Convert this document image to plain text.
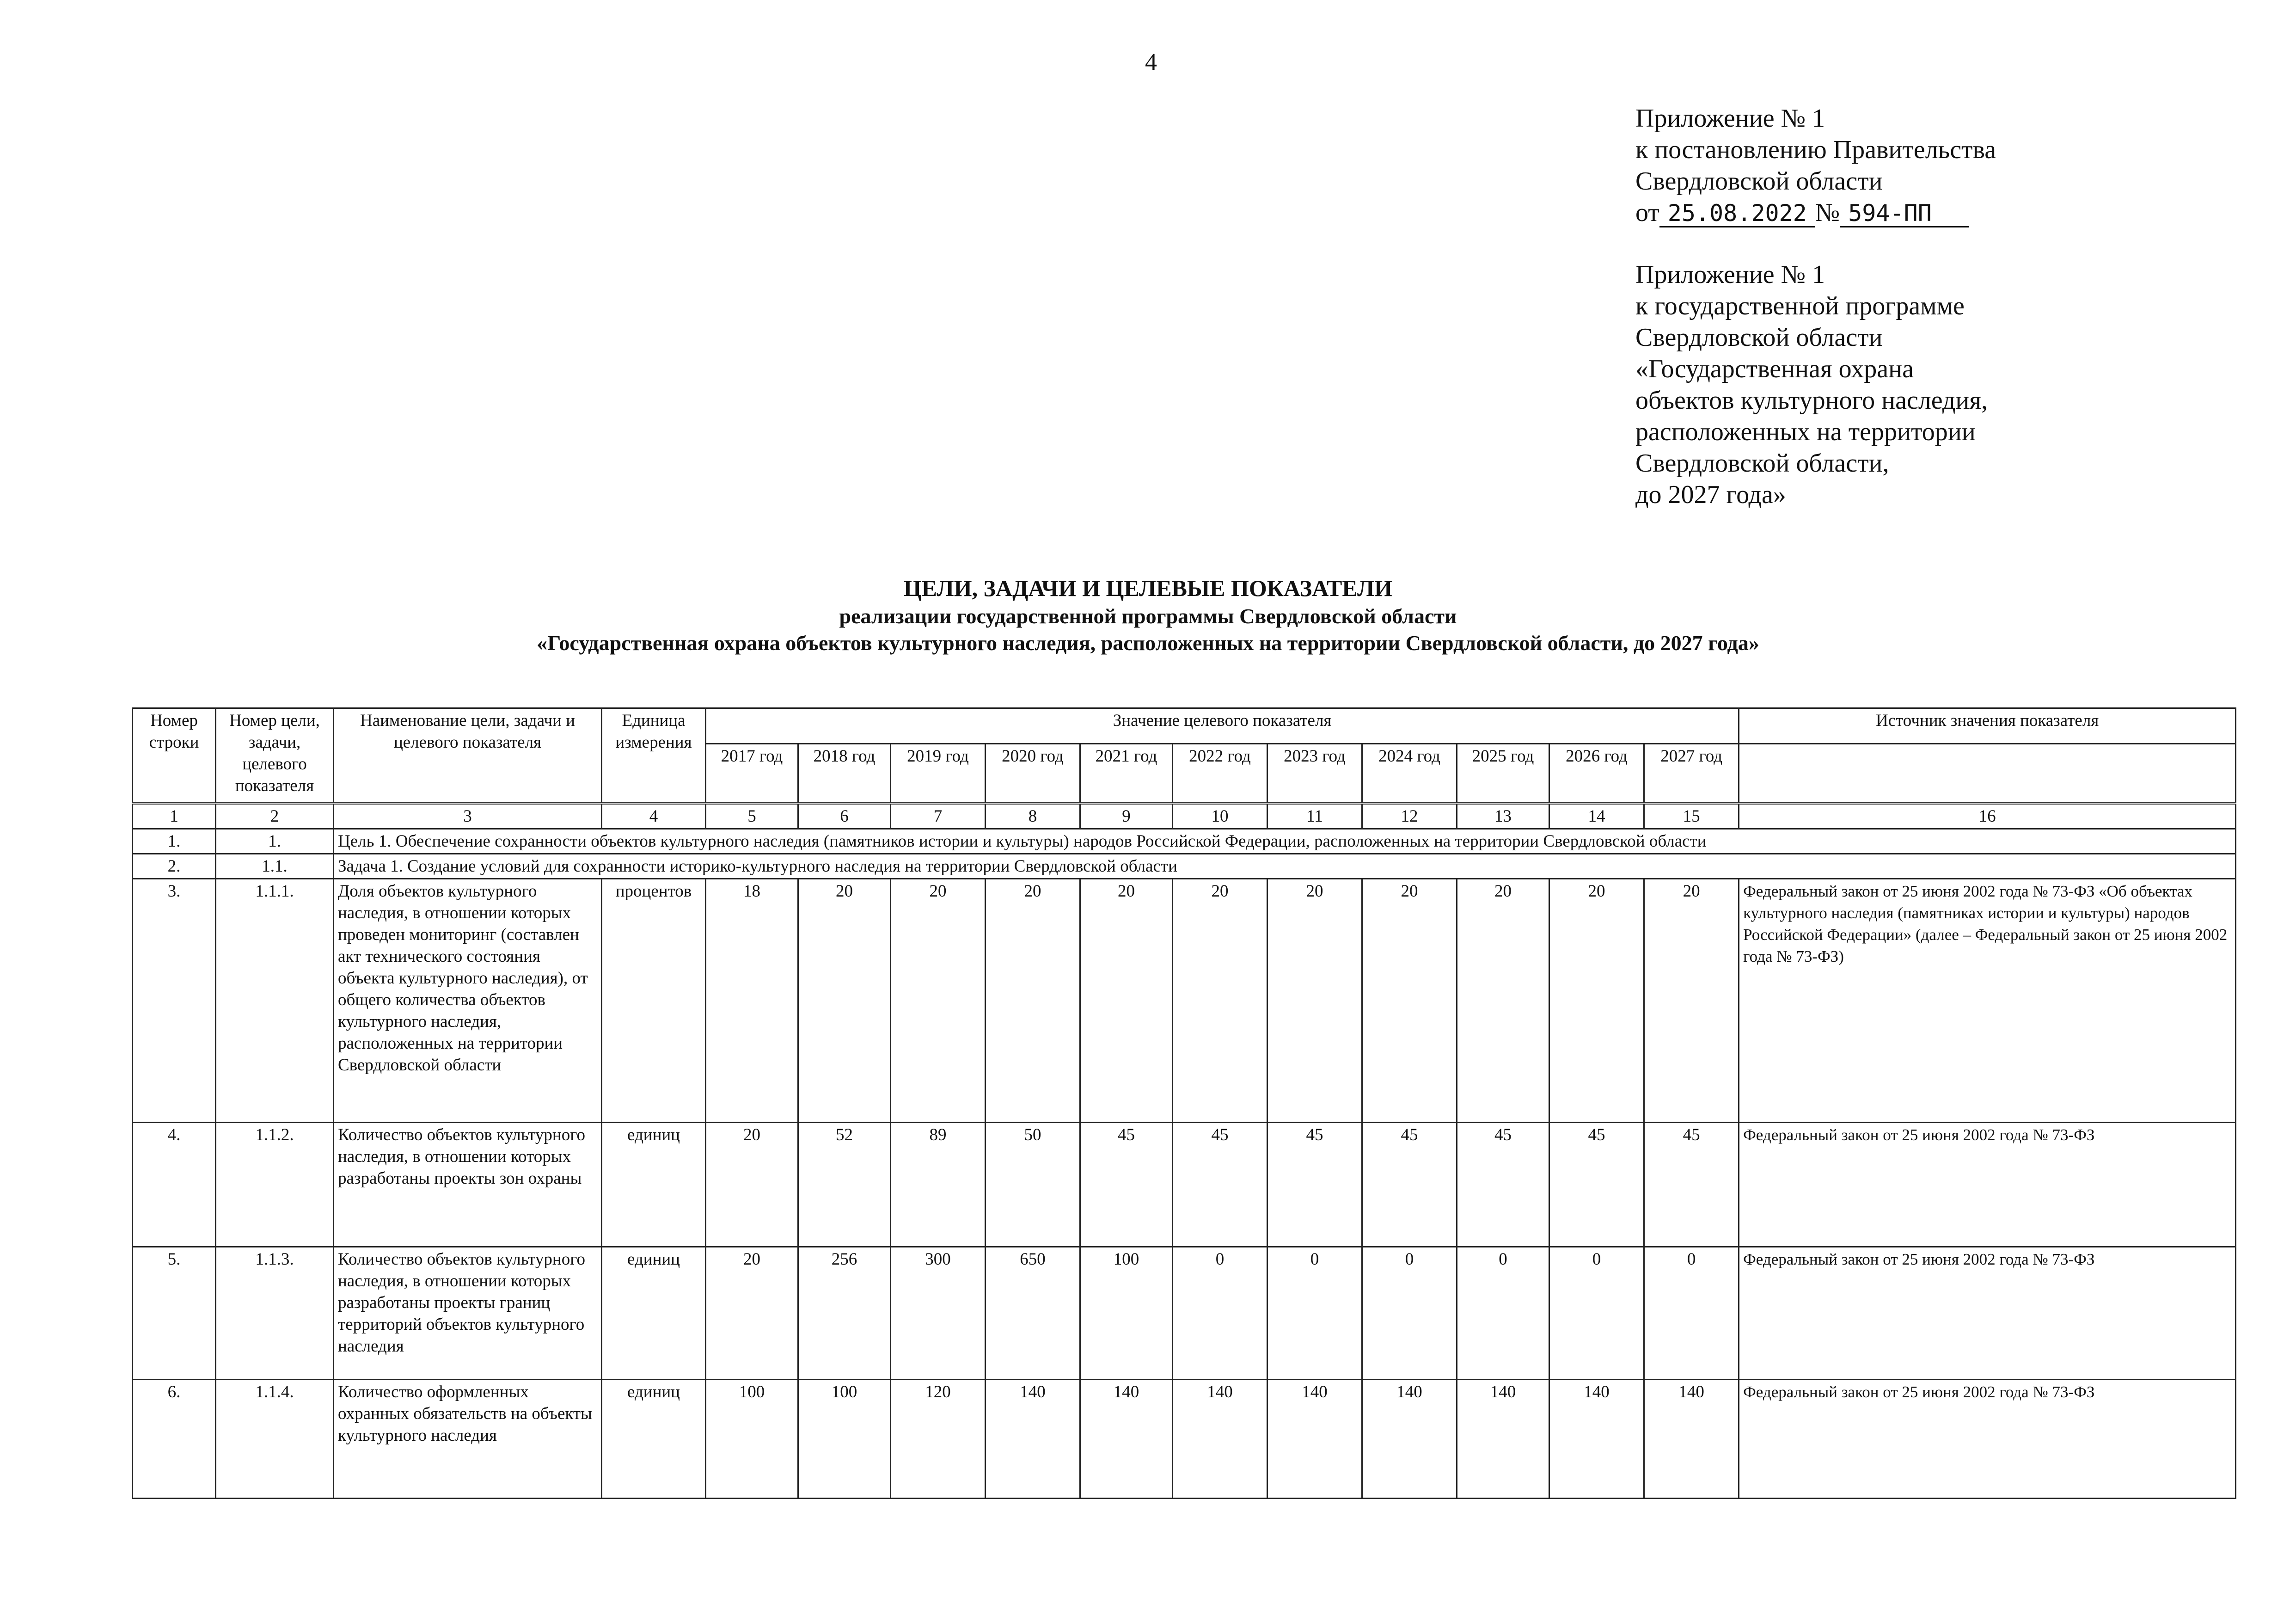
4
Приложение № 1
к постановлению Правительства
Свердловской области
от 25.08.2022 № 594-ПП
Приложение № 1
к государственной программе
Свердловской области
«Государственная охрана
объектов культурного наследия,
расположенных на территории
Свердловской области,
до 2027 года»
ЦЕЛИ, ЗАДАЧИ И ЦЕЛЕВЫЕ ПОКАЗАТЕЛИ
реализации государственной программы Свердловской области
«Государственная охрана объектов культурного наследия, расположенных на территории Свердловской области, до 2027 года»
Номер строки	Номер цели, задачи, целевого показателя	Наименование цели, задачи и целевого показателя	Единица измерения	Значение целевого показателя											Источник значения показателя
				2017 год	2018 год	2019 год	2020 год	2021 год	2022 год	2023 год	2024 год	2025 год	2026 год	2027 год	
1	2	3	4	5	6	7	8	9	10	11	12	13	14	15	16
1.	1.	Цель 1. Обеспечение сохранности объектов культурного наследия (памятников истории и культуры) народов Российской Федерации, расположенных на территории Свердловской области													
2.	1.1.	Задача 1. Создание условий для сохранности историко-культурного наследия на территории Свердловской области													
3.	1.1.1.	Доля объектов культурного наследия, в отношении которых проведен мониторинг (составлен акт технического состояния объекта культурного наследия), от общего количества объектов культурного наследия, расположенных на территории Свердловской области	процентов	18	20	20	20	20	20	20	20	20	20	20	Федеральный закон от 25 июня 2002 года № 73-ФЗ «Об объектах культурного наследия (памятниках истории и культуры) народов Российской Федерации» (далее – Федеральный закон от 25 июня 2002 года № 73-ФЗ)
4.	1.1.2.	Количество объектов культурного наследия, в отношении которых разработаны проекты зон охраны	единиц	20	52	89	50	45	45	45	45	45	45	45	Федеральный закон от 25 июня 2002 года № 73-ФЗ
5.	1.1.3.	Количество объектов культурного наследия, в отношении которых разработаны проекты границ территорий объектов культурного наследия	единиц	20	256	300	650	100	0	0	0	0	0	0	Федеральный закон от 25 июня 2002 года № 73-ФЗ
6.	1.1.4.	Количество оформленных охранных обязательств на объекты культурного наследия	единиц	100	100	120	140	140	140	140	140	140	140	140	Федеральный закон от 25 июня 2002 года № 73-ФЗ
